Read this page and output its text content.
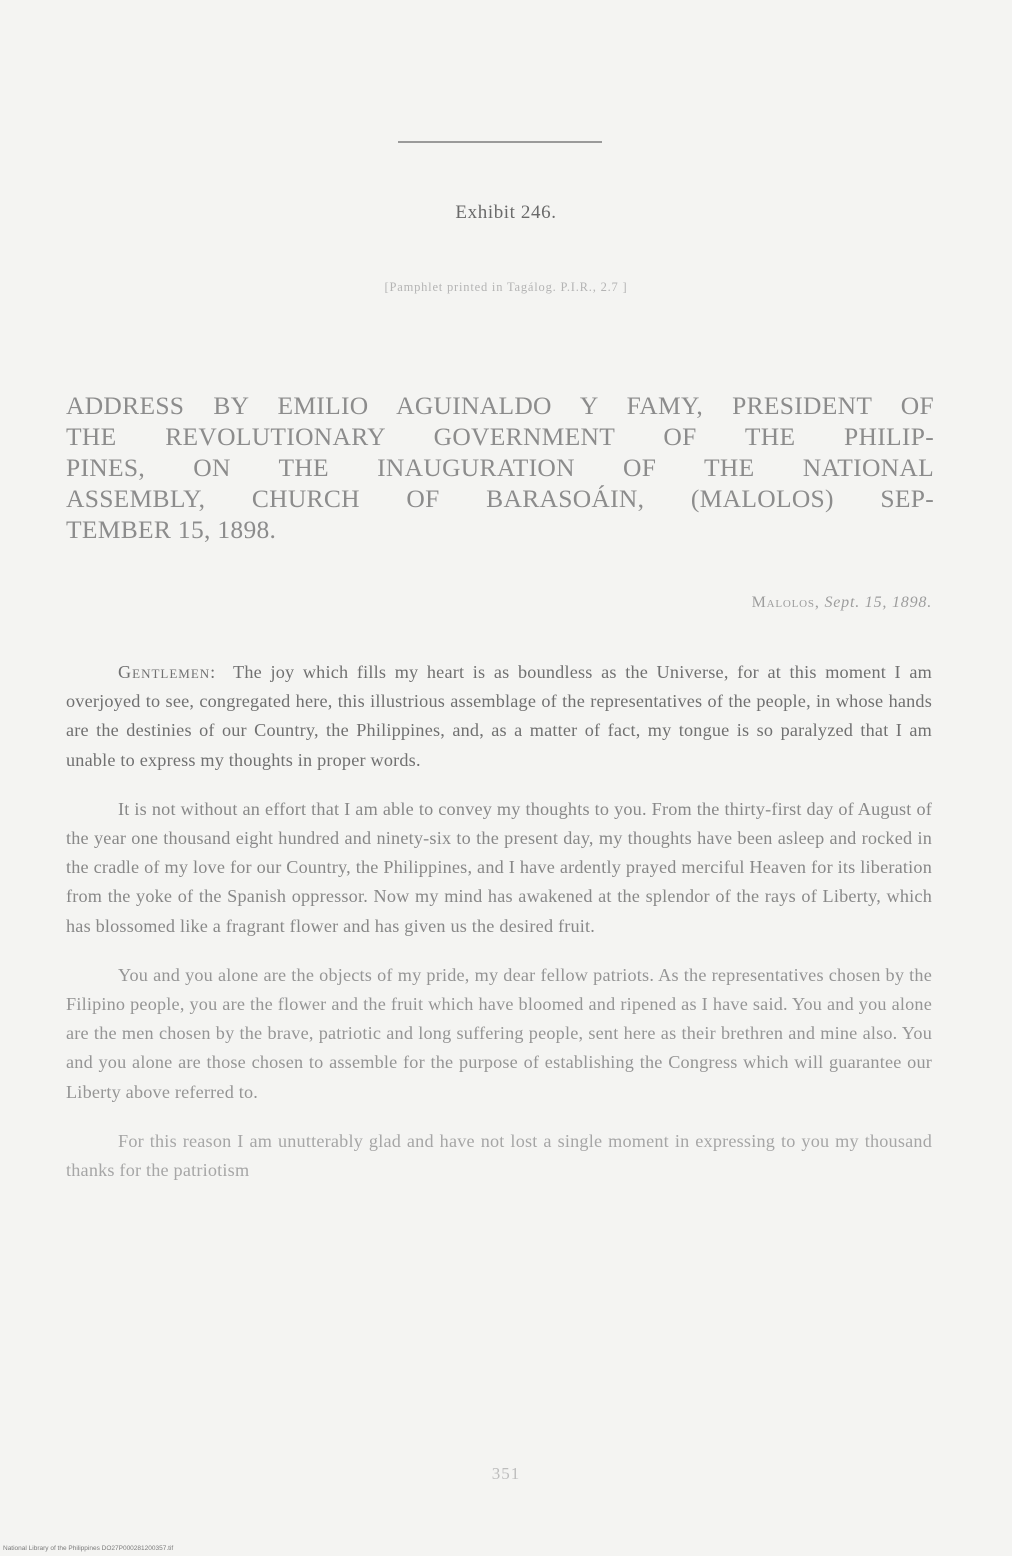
Exhibit 246.
[Pamphlet printed in Tagálog. P.I.R., 2.7 ]
ADDRESS BY EMILIO AGUINALDO Y FAMY, PRESIDENT OF
THE REVOLUTIONARY GOVERNMENT OF THE PHILIP-
PINES, ON THE INAUGURATION OF THE NATIONAL
ASSEMBLY, CHURCH OF BARASOÁIN, (MALOLOS) SEP-
TEMBER 15, 1898.
Malolos, Sept. 15, 1898.

Gentlemen: The joy which fills my heart is as boundless as the Universe, for at this moment I am overjoyed to see, congregated here, this illustrious assemblage of the representatives of the people, in whose hands are the destinies of our Country, the Philippines, and, as a matter of fact, my tongue is so paralyzed that I am unable to express my thoughts in proper words.

It is not without an effort that I am able to convey my thoughts to you. From the thirty-first day of August of the year one thousand eight hundred and ninety-six to the present day, my thoughts have been asleep and rocked in the cradle of my love for our Country, the Philippines, and I have ardently prayed merciful Heaven for its liberation from the yoke of the Spanish oppressor. Now my mind has awakened at the splendor of the rays of Liberty, which has blossomed like a fragrant flower and has given us the desired fruit.

You and you alone are the objects of my pride, my dear fellow patriots. As the representatives chosen by the Filipino people, you are the flower and the fruit which have bloomed and ripened as I have said. You and you alone are the men chosen by the brave, patriotic and long suffering people, sent here as their brethren and mine also. You and you alone are those chosen to assemble for the purpose of establishing the Congress which will guarantee our Liberty above referred to.

For this reason I am unutterably glad and have not lost a single moment in expressing to you my thousand thanks for the patriotism

351
National Library of the Philippines DO27P000281200357.tif
